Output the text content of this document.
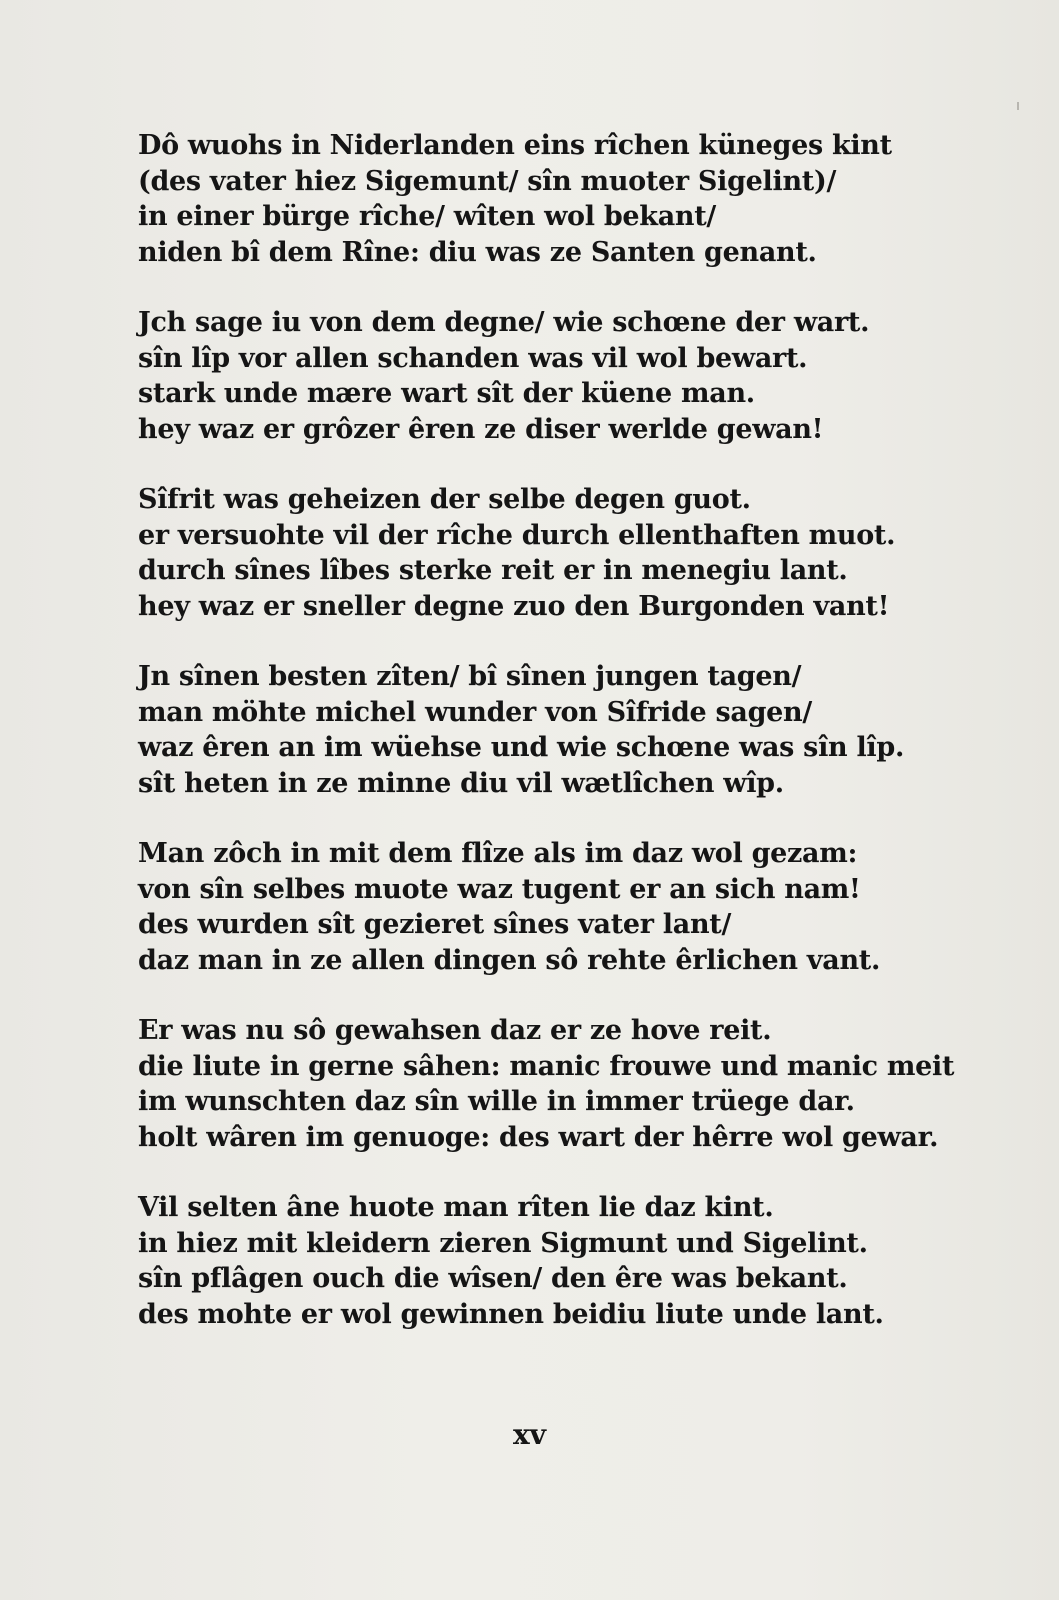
Dô wuohs in Niderlanden eins rîchen küneges kint
(des vater hiez Sigemunt/ sîn muoter Sigelint)/
in einer bürge rîche/ wîten wol bekant/
niden bî dem Rîne: diu was ze Santen genant.
Jch sage iu von dem degne/ wie schœne der wart.
sîn lîp vor allen schanden was vil wol bewart.
stark unde mære wart sît der küene man.
hey waz er grôzer êren ze diser werlde gewan!
Sîfrit was geheizen der selbe degen guot.
er versuohte vil der rîche durch ellenthaften muot.
durch sînes lîbes sterke reit er in menegiu lant.
hey waz er sneller degne zuo den Burgonden vant!
Jn sînen besten zîten/ bî sînen jungen tagen/
man möhte michel wunder von Sîfride sagen/
waz êren an im wüehse und wie schœne was sîn lîp.
sît heten in ze minne diu vil wætlîchen wîp.
Man zôch in mit dem flîze als im daz wol gezam:
von sîn selbes muote waz tugent er an sich nam!
des wurden sît gezieret sînes vater lant/
daz man in ze allen dingen sô rehte êrlichen vant.
Er was nu sô gewahsen daz er ze hove reit.
die liute in gerne sâhen: manic frouwe und manic meit
im wunschten daz sîn wille in immer trüege dar.
holt wâren im genuoge: des wart der hêrre wol gewar.
Vil selten âne huote man rîten lie daz kint.
in hiez mit kleidern zieren Sigmunt und Sigelint.
sîn pflâgen ouch die wîsen/ den êre was bekant.
des mohte er wol gewinnen beidiu liute unde lant.
xv
